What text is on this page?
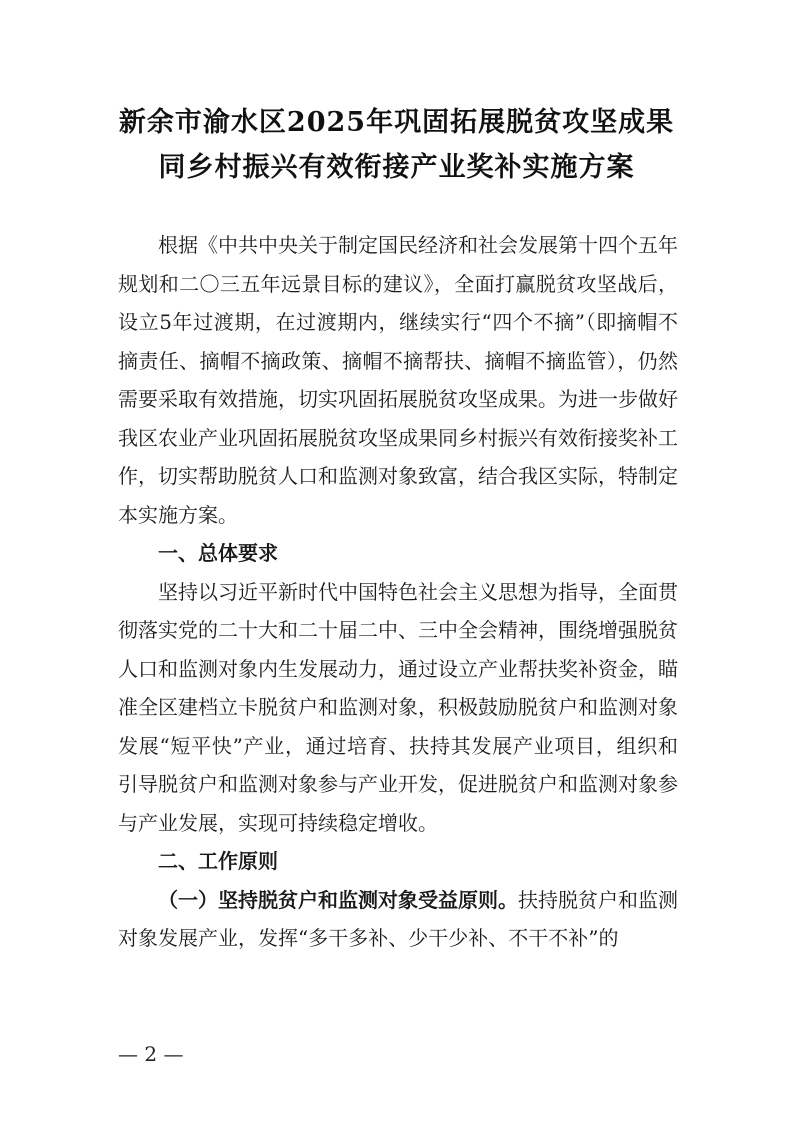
新余市渝水区2025年巩固拓展脱贫攻坚成果
同乡村振兴有效衔接产业奖补实施方案

根据《中共中央关于制定国民经济和社会发展第十四个五年规划和二〇三五年远景目标的建议》，全面打赢脱贫攻坚战后，设立5年过渡期，在过渡期内，继续实行“四个不摘”（即摘帽不摘责任、摘帽不摘政策、摘帽不摘帮扶、摘帽不摘监管），仍然需要采取有效措施，切实巩固拓展脱贫攻坚成果。为进一步做好我区农业产业巩固拓展脱贫攻坚成果同乡村振兴有效衔接奖补工作，切实帮助脱贫人口和监测对象致富，结合我区实际，特制定本实施方案。

一、总体要求

坚持以习近平新时代中国特色社会主义思想为指导，全面贯彻落实党的二十大和二十届二中、三中全会精神，围绕增强脱贫人口和监测对象内生发展动力，通过设立产业帮扶奖补资金，瞄准全区建档立卡脱贫户和监测对象，积极鼓励脱贫户和监测对象发展“短平快”产业，通过培育、扶持其发展产业项目，组织和引导脱贫户和监测对象参与产业开发，促进脱贫户和监测对象参与产业发展，实现可持续稳定增收。

二、工作原则

（一）坚持脱贫户和监测对象受益原则。扶持脱贫户和监测对象发展产业，发挥“多干多补、少干少补、不干不补”的

— 2 —
